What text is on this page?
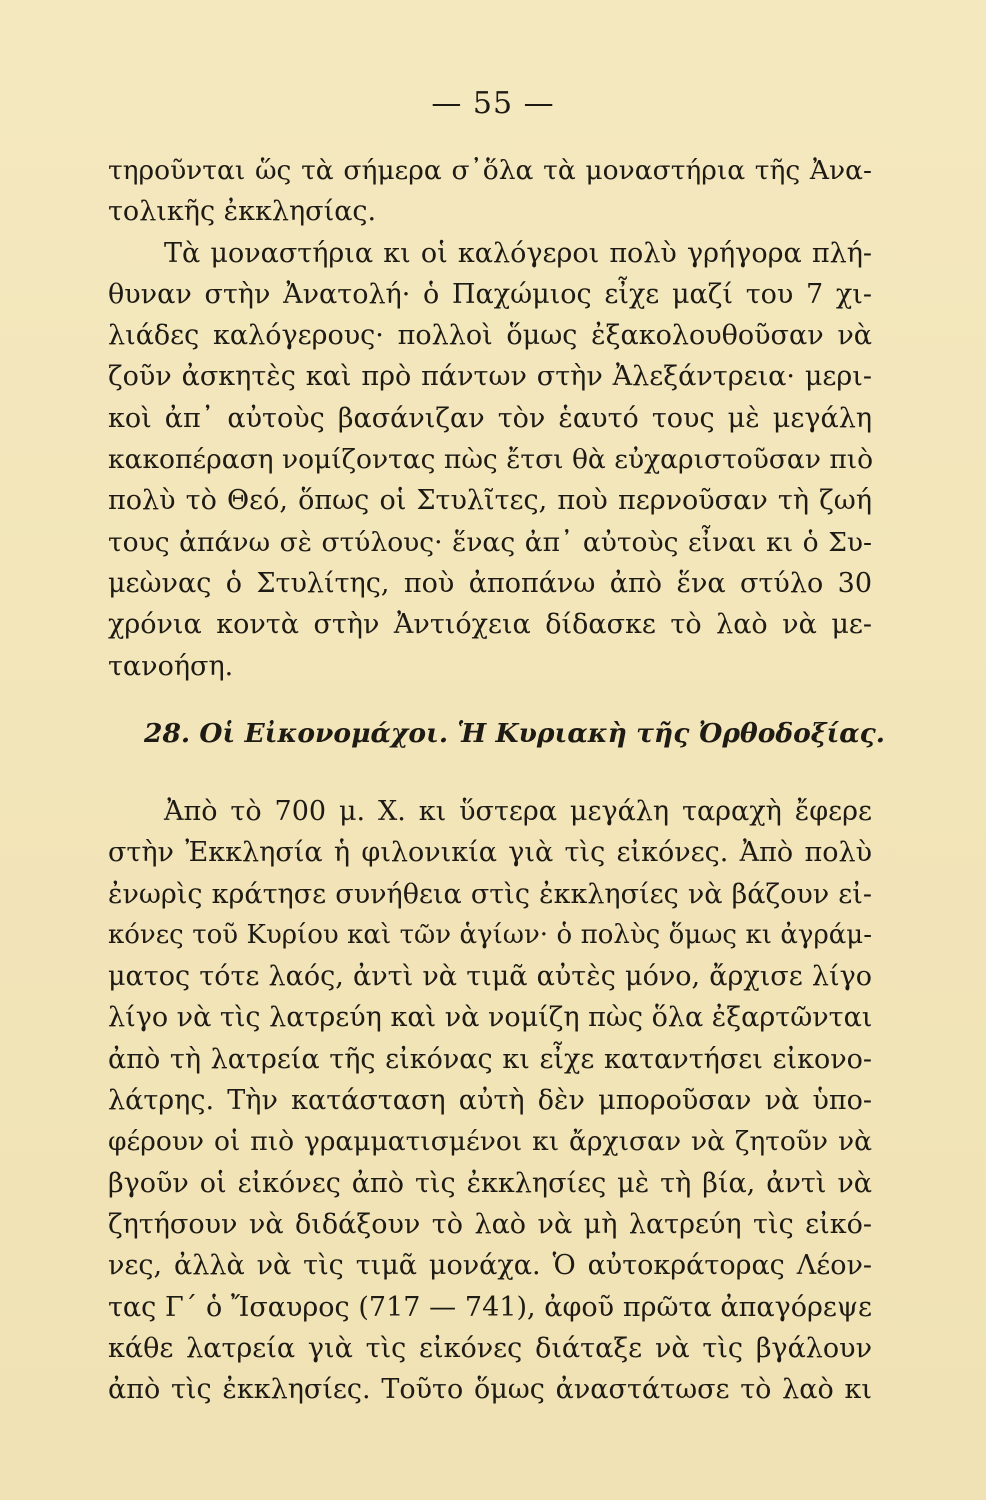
— 55 —
τηροῦνται ὥς τὰ σήμερα σ᾿ὅλα τὰ μοναστήρια τῆς Ἀνα-
τολικῆς ἐκκλησίας.
Τὰ μοναστήρια κι οἱ καλόγεροι πολὺ γρήγορα πλή-
θυναν στὴν Ἀνατολή· ὁ Παχώμιος εἶχε μαζί του 7 χι-
λιάδες καλόγερους· πολλοὶ ὅμως ἐξακολουθοῦσαν νὰ
ζοῦν ἀσκητὲς καὶ πρὸ πάντων στὴν Ἀλεξάντρεια· μερι-
κοὶ ἀπ᾿ αὐτοὺς βασάνιζαν τὸν ἑαυτό τους μὲ μεγάλη
κακοπέραση νομίζοντας πὼς ἔτσι θὰ εὐχαριστοῦσαν πιὸ
πολὺ τὸ Θεό, ὅπως οἱ Στυλῖτες, ποὺ περνοῦσαν τὴ ζωή
τους ἀπάνω σὲ στύλους· ἕνας ἀπ᾿ αὐτοὺς εἶναι κι ὁ Συ-
μεὼνας ὁ Στυλίτης, ποὺ ἀποπάνω ἀπὸ ἕνα στύλο 30
χρόνια κοντὰ στὴν Ἀντιόχεια δίδασκε τὸ λαὸ νὰ με-
τανοήση.
28. Οἱ Εἰκονομάχοι. Ἡ Κυριακὴ τῆς Ὀρθοδοξίας.
Ἀπὸ τὸ 700 μ. Χ. κι ὕστερα μεγάλη ταραχὴ ἔφερε
στὴν Ἐκκλησία ἡ φιλονικία γιὰ τὶς εἰκόνες. Ἀπὸ πολὺ
ἐνωρὶς κράτησε συνήθεια στὶς ἐκκλησίες νὰ βάζουν εἰ-
κόνες τοῦ Κυρίου καὶ τῶν ἁγίων· ὁ πολὺς ὅμως κι ἀγράμ-
ματος τότε λαός, ἀντὶ νὰ τιμᾶ αὐτὲς μόνο, ἄρχισε λίγο
λίγο νὰ τὶς λατρεύη καὶ νὰ νομίζη πὼς ὅλα ἐξαρτῶνται
ἀπὸ τὴ λατρεία τῆς εἰκόνας κι εἶχε καταντήσει εἰκονο-
λάτρης. Τὴν κατάσταση αὐτὴ δὲν μποροῦσαν νὰ ὑπο-
φέρουν οἱ πιὸ γραμματισμένοι κι ἄρχισαν νὰ ζητοῦν νὰ
βγοῦν οἱ εἰκόνες ἀπὸ τὶς ἐκκλησίες μὲ τὴ βία, ἀντὶ νὰ
ζητήσουν νὰ διδάξουν τὸ λαὸ νὰ μὴ λατρεύη τὶς εἰκό-
νες, ἀλλὰ νὰ τὶς τιμᾶ μονάχα. Ὁ αὐτοκράτορας Λέον-
τας Γ΄ ὁ Ἴσαυρος (717 — 741), ἀφοῦ πρῶτα ἀπαγόρεψε
κάθε λατρεία γιὰ τὶς εἰκόνες διάταξε νὰ τὶς βγάλουν
ἀπὸ τὶς ἐκκλησίες. Τοῦτο ὅμως ἀναστάτωσε τὸ λαὸ κι
